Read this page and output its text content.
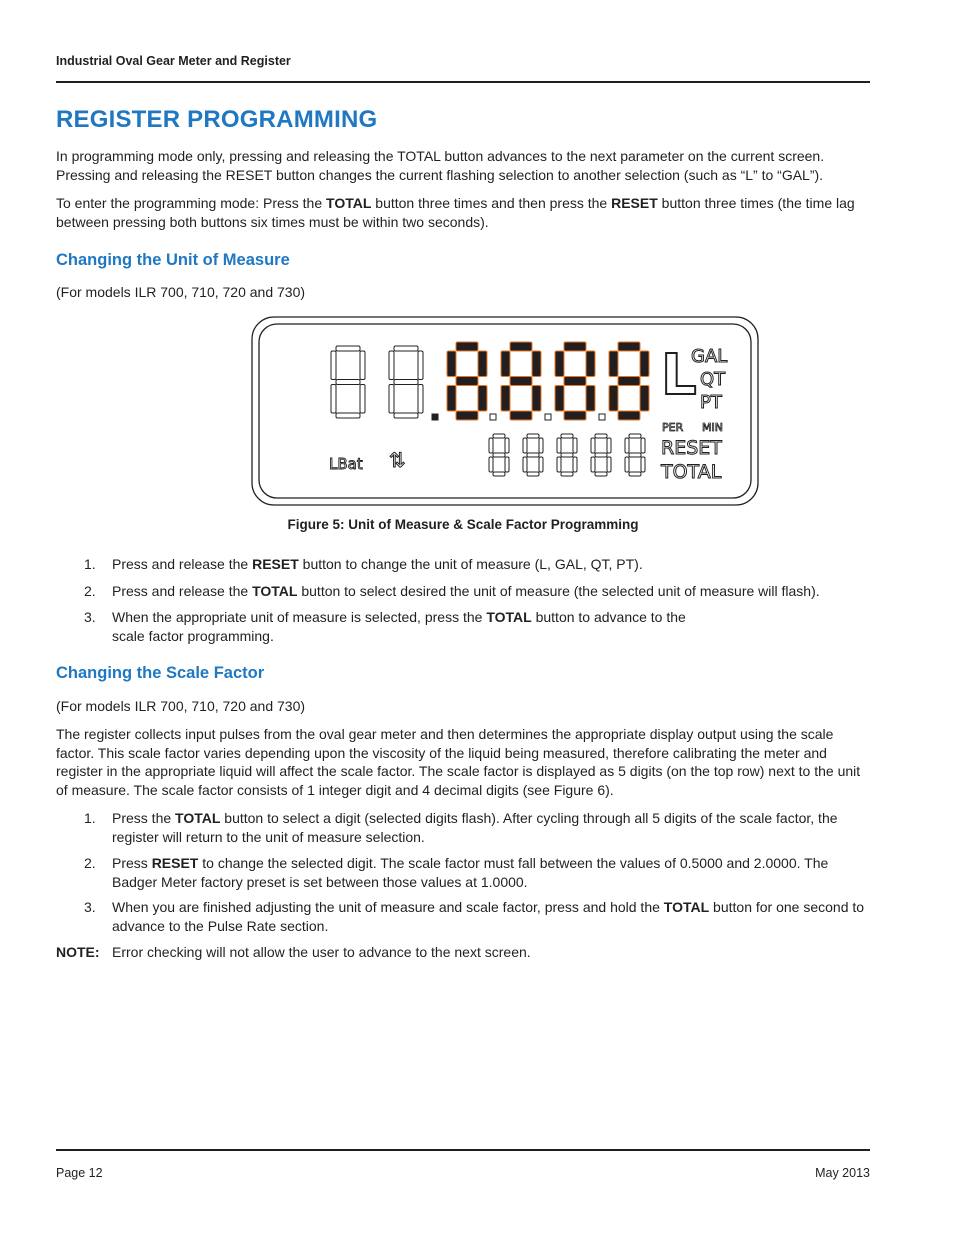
Industrial Oval Gear Meter and Register
REGISTER PROGRAMMING

In programming mode only, pressing and releasing the TOTAL button advances to the next parameter on the current screen. Pressing and releasing the RESET button changes the current flashing selection to another selection (such as “L” to “GAL”).

To enter the programming mode: Press the TOTAL button three times and then press the RESET button three times (the time lag between pressing both buttons six times must be within two seconds).

Changing the Unit of Measure

(For models ILR 700, 710, 720 and 730)

L
GAL
QT
PT
PER MIN
RESET
TOTAL
LBat ⇅
Figure 5: Unit of Measure & Scale Factor Programming
1. Press and release the RESET button to change the unit of measure (L, GAL, QT, PT).
2. Press and release the TOTAL button to select desired the unit of measure (the selected unit of measure will flash).
3. When the appropriate unit of measure is selected, press the TOTAL button to advance to the
scale factor programming.
Changing the Scale Factor

(For models ILR 700, 710, 720 and 730)

The register collects input pulses from the oval gear meter and then determines the appropriate display output using the scale factor. This scale factor varies depending upon the viscosity of the liquid being measured, therefore calibrating the meter and register in the appropriate liquid will affect the scale factor. The scale factor is displayed as 5 digits (on the top row) next to the unit of measure. The scale factor consists of 1 integer digit and 4 decimal digits (see Figure 6).

1. Press the TOTAL button to select a digit (selected digits flash). After cycling through all 5 digits of the scale factor, the register will return to the unit of measure selection.
2. Press RESET to change the selected digit. The scale factor must fall between the values of 0.5000 and 2.0000. The Badger Meter factory preset is set between those values at 1.0000.
3. When you are finished adjusting the unit of measure and scale factor, press and hold the TOTAL button for one second to advance to the Pulse Rate section.
NOTE: Error checking will not allow the user to advance to the next screen.
Page 12	May 2013
